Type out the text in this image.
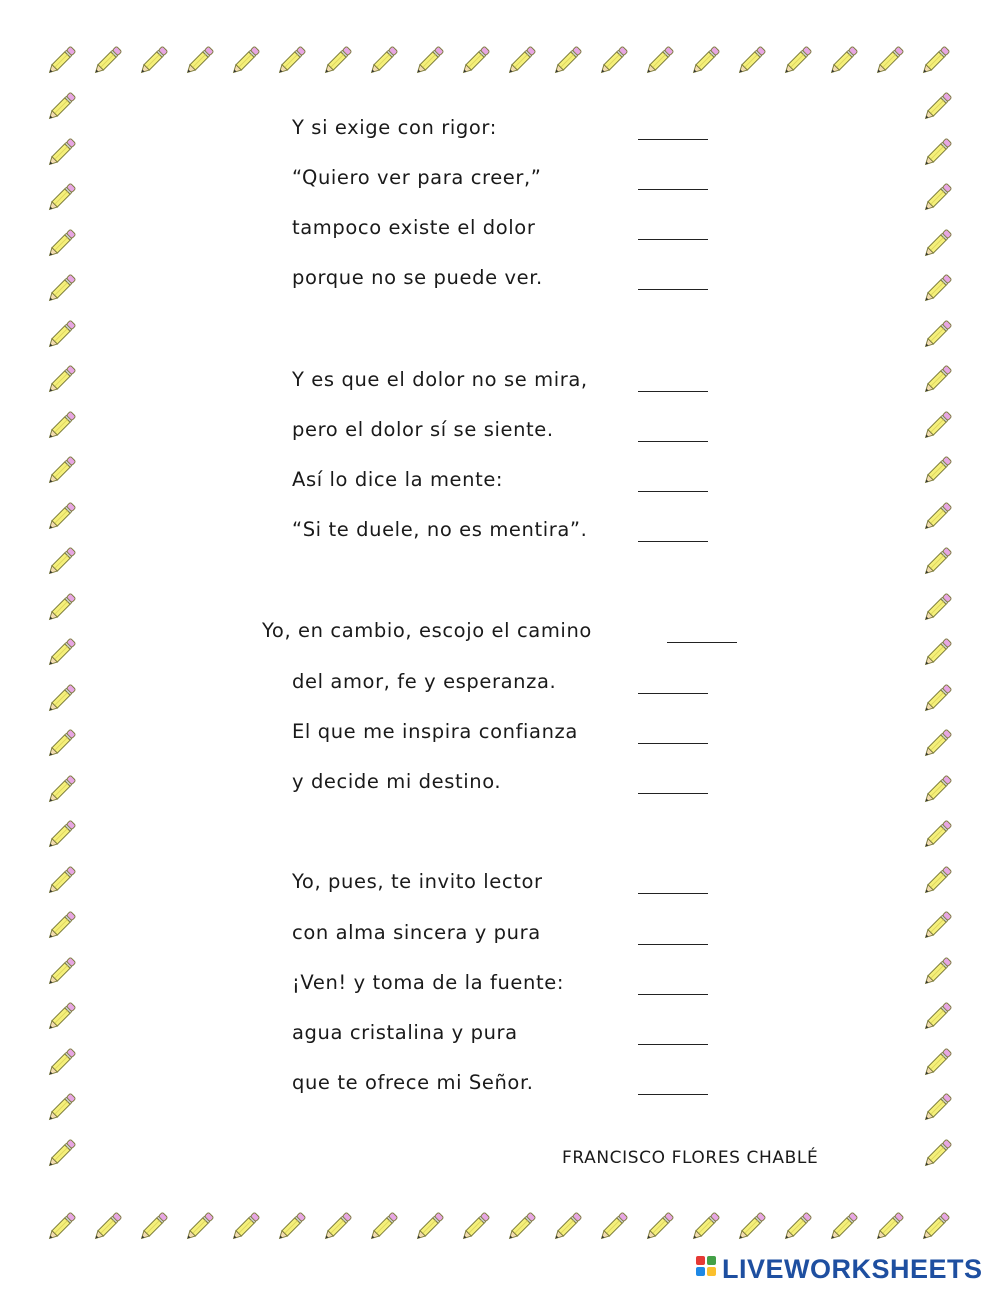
Y si exige con rigor:
“Quiero ver para creer,”
tampoco existe el dolor
porque no se puede ver.
Y es que el dolor no se mira,
pero el dolor sí se siente.
Así lo dice la mente:
“Si te duele, no es mentira”.
Yo, en cambio, escojo el camino
del amor, fe y esperanza.
El que me inspira confianza
y decide mi destino.
Yo, pues, te invito lector
con alma sincera y pura
¡Ven! y toma de la fuente:
agua cristalina y pura
que te ofrece mi Señor.
FRANCISCO FLORES CHABLÉ
LIVEWORKSHEETS
